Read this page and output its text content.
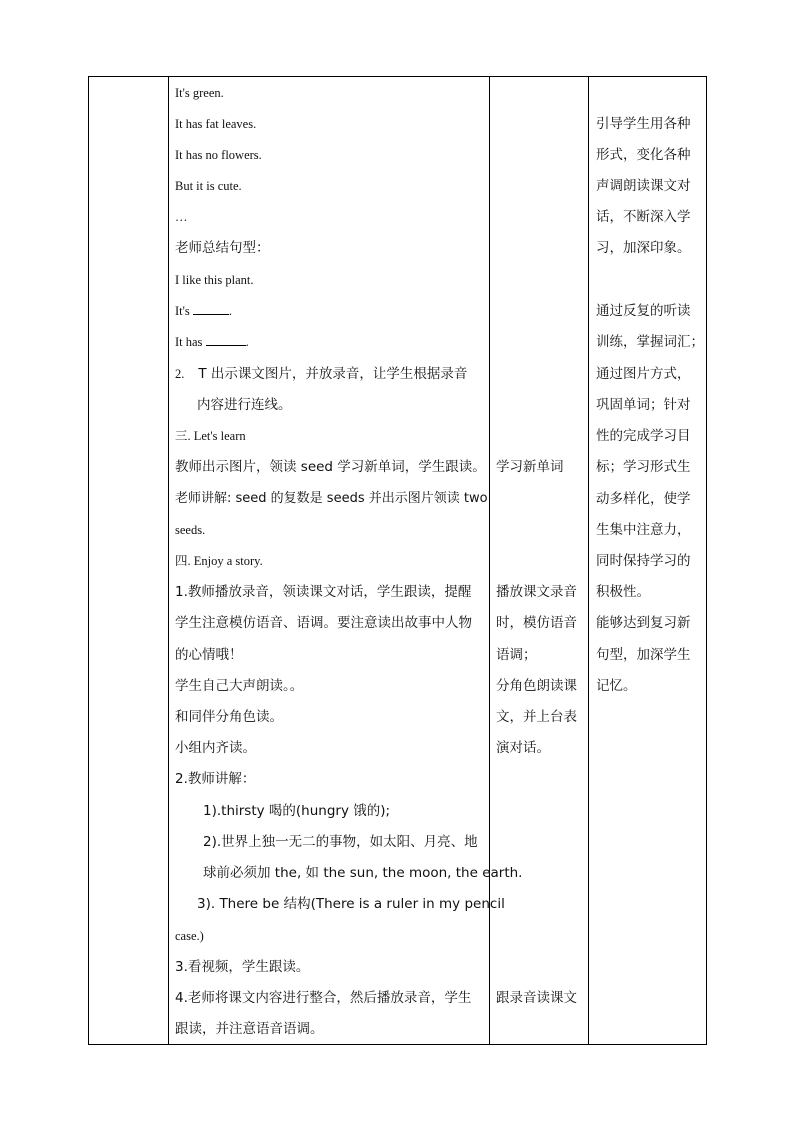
It's green.
It has fat leaves.
It has no flowers.
But it is cute.
…
老师总结句型：
I like this plant.
It's	.
It has	.
2. T 出示课文图片，并放录音，让学生根据录音
内容进行连线。
三. Let's learn
教师出示图片，领读 seed 学习新单词，学生跟读。
老师讲解: seed 的复数是 seeds 并出示图片领读 two
seeds.
四. Enjoy a story.
1.教师播放录音，领读课文对话，学生跟读，提醒
学生注意模仿语音、语调。要注意读出故事中人物
的心情哦！
学生自己大声朗读。。
和同伴分角色读。
小组内齐读。
2.教师讲解：
1).thirsty 喝的(hungry 饿的);
2).世界上独一无二的事物，如太阳、月亮、地
球前必须加 the, 如 the sun, the moon, the earth.
3). There be 结构(There is a ruler in my pencil
case.)
3.看视频，学生跟读。
4.老师将课文内容进行整合，然后播放录音，学生
跟读，并注意语音语调。
学习新单词
播放课文录音
时，模仿语音
语调；
分角色朗读课
文，并上台表
演对话。
跟录音读课文
引导学生用各种
形式，变化各种
声调朗读课文对
话，不断深入学
习，加深印象。
通过反复的听读
训练，掌握词汇；
通过图片方式，
巩固单词；针对
性的完成学习目
标；学习形式生
动多样化，使学
生集中注意力，
同时保持学习的
积极性。
能够达到复习新
句型，加深学生
记忆。
